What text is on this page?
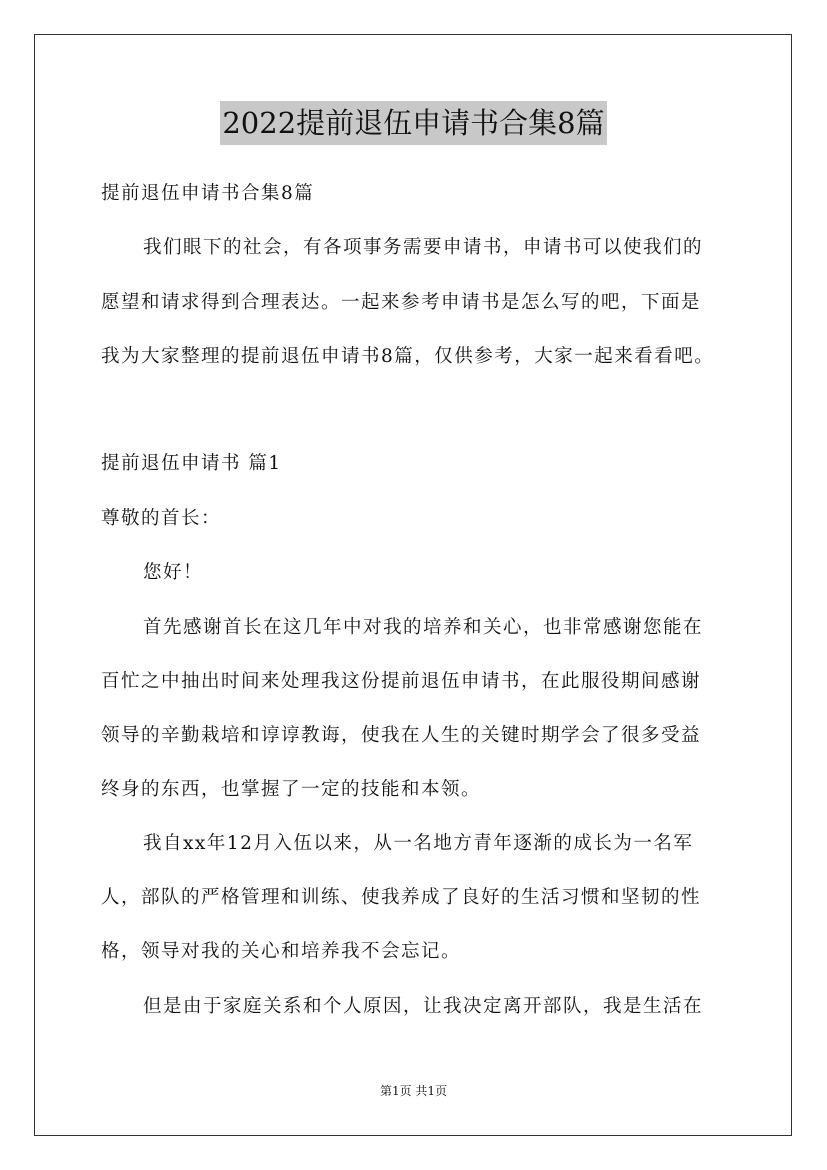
2022提前退伍申请书合集8篇
提前退伍申请书合集8篇
我们眼下的社会，有各项事务需要申请书，申请书可以使我们的
愿望和请求得到合理表达。一起来参考申请书是怎么写的吧，下面是
我为大家整理的提前退伍申请书8篇，仅供参考，大家一起来看看吧。
提前退伍申请书 篇1
尊敬的首长：
您好！
首先感谢首长在这几年中对我的培养和关心，也非常感谢您能在
百忙之中抽出时间来处理我这份提前退伍申请书，在此服役期间感谢
领导的辛勤栽培和谆谆教诲，使我在人生的关键时期学会了很多受益
终身的东西，也掌握了一定的技能和本领。
我自xx年12月入伍以来，从一名地方青年逐渐的成长为一名军
人，部队的严格管理和训练、使我养成了良好的生活习惯和坚韧的性
格，领导对我的关心和培养我不会忘记。
但是由于家庭关系和个人原因，让我决定离开部队，我是生活在
第1页 共1页
